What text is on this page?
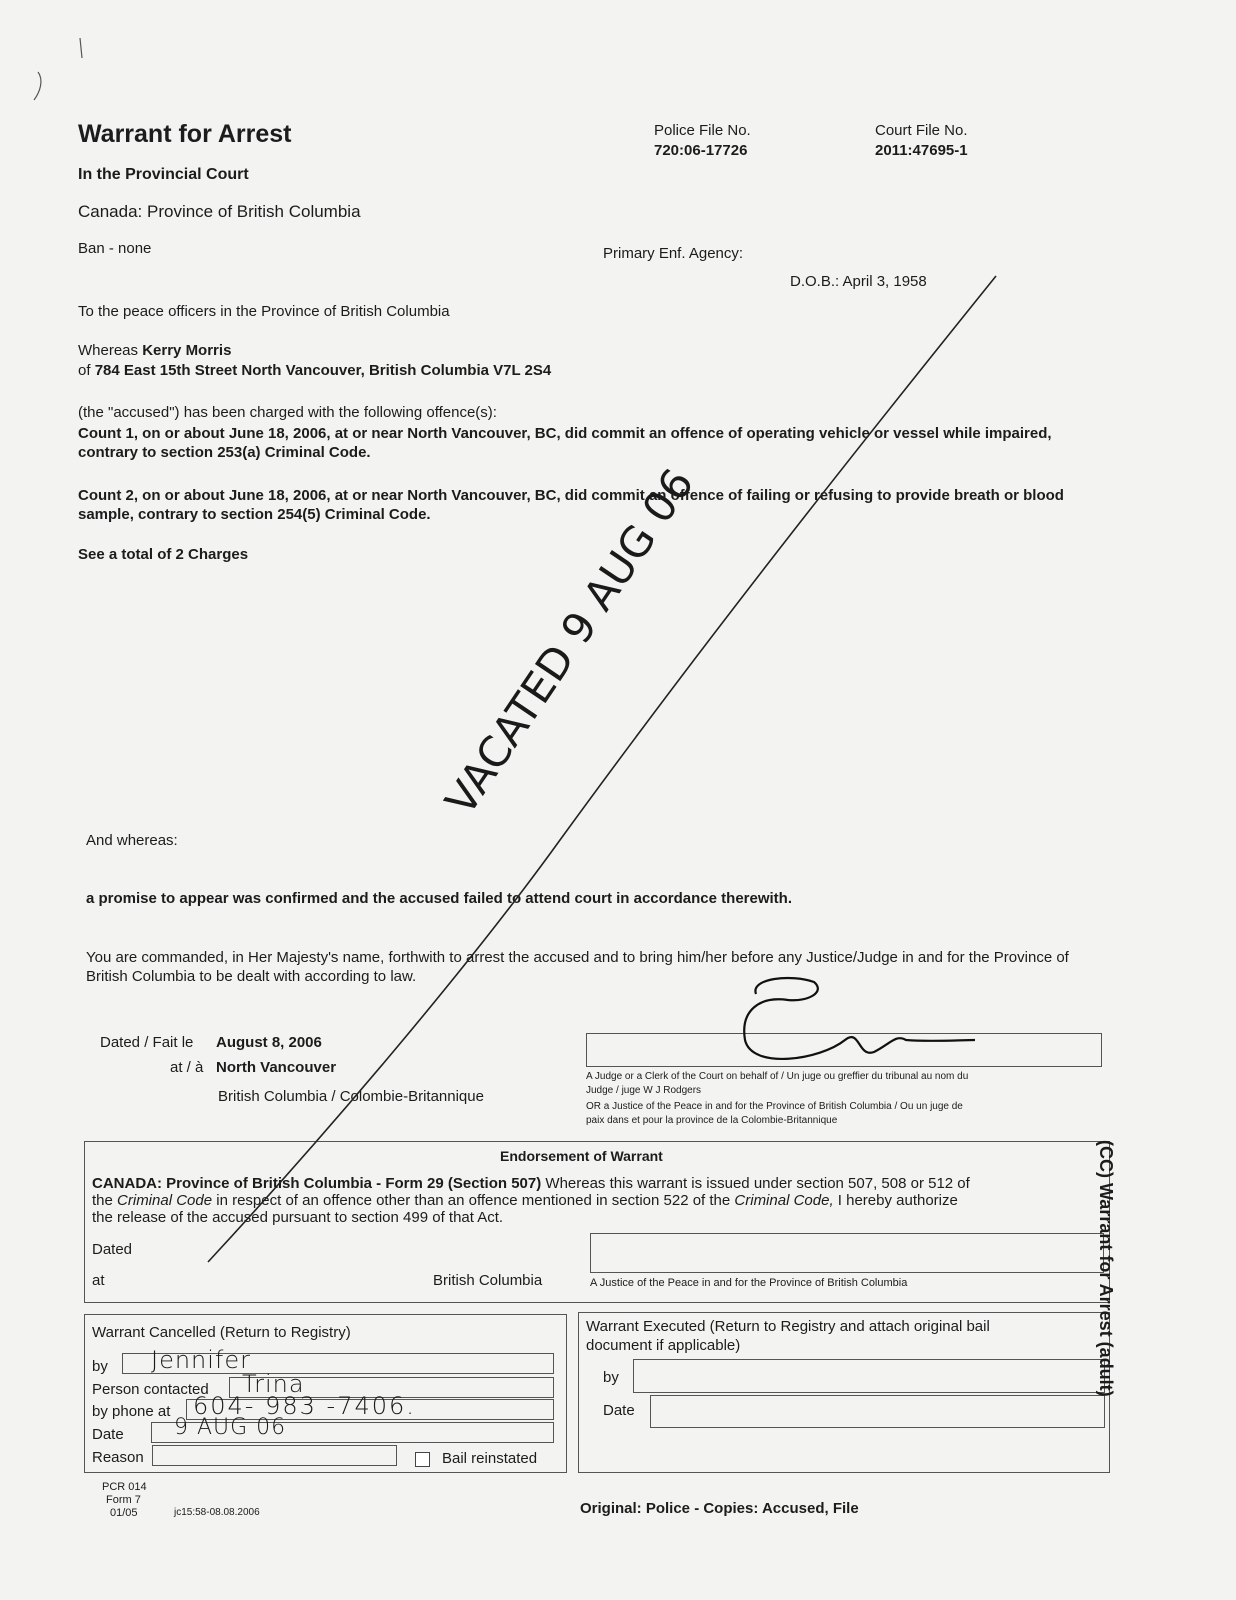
Warrant for Arrest
In the Provincial Court
Canada: Province of British Columbia
Ban - none
Police File No.
720:06-17726
Court File No.
2011:47695-1
Primary Enf. Agency:
D.O.B.: April 3, 1958
To the peace officers in the Province of British Columbia
Whereas Kerry Morris
of 784 East 15th Street North Vancouver, British Columbia V7L 2S4
(the "accused") has been charged with the following offence(s):
Count 1, on or about June 18, 2006, at or near North Vancouver, BC, did commit an offence of operating vehicle or vessel while impaired, contrary to section 253(a) Criminal Code.
Count 2, on or about June 18, 2006, at or near North Vancouver, BC, did commit an offence of failing or refusing to provide breath or blood sample, contrary to section 254(5) Criminal Code.
See a total of 2 Charges
And whereas:
a promise to appear was confirmed and the accused failed to attend court in accordance therewith.
You are commanded, in Her Majesty's name, forthwith to arrest the accused and to bring him/her before any Justice/Judge in and for the Province of British Columbia to be dealt with according to law.
Dated / Fait le August 8, 2006
at / à North Vancouver
British Columbia / Colombie-Britannique
A Judge or a Clerk of the Court on behalf of / Un juge ou greffier du tribunal au nom du
Judge / juge W J Rodgers
OR a Justice of the Peace in and for the Province of British Columbia / Ou un juge de
paix dans et pour la province de la Colombie-Britannique
Endorsement of Warrant
CANADA: Province of British Columbia - Form 29 (Section 507) Whereas this warrant is issued under section 507, 508 or 512 of
the Criminal Code in respect of an offence other than an offence mentioned in section 522 of the Criminal Code, I hereby authorize
the release of the accused pursuant to section 499 of that Act.
Dated
at	British Columbia	A Justice of the Peace in and for the Province of British Columbia
Warrant Cancelled (Return to Registry)
by Jennifer
Person contacted Trina
by phone at 604- 983 -7406.
Date 9 AUG 06
Reason	Bail reinstated
Warrant Executed (Return to Registry and attach original bail
document if applicable)
by
Date
PCR 014
Form 7
01/05	jc15:58-08.08.2006	Original: Police - Copies: Accused, File
(CC) Warrant for Arrest (adult)
VACATED 9 AUG 06
